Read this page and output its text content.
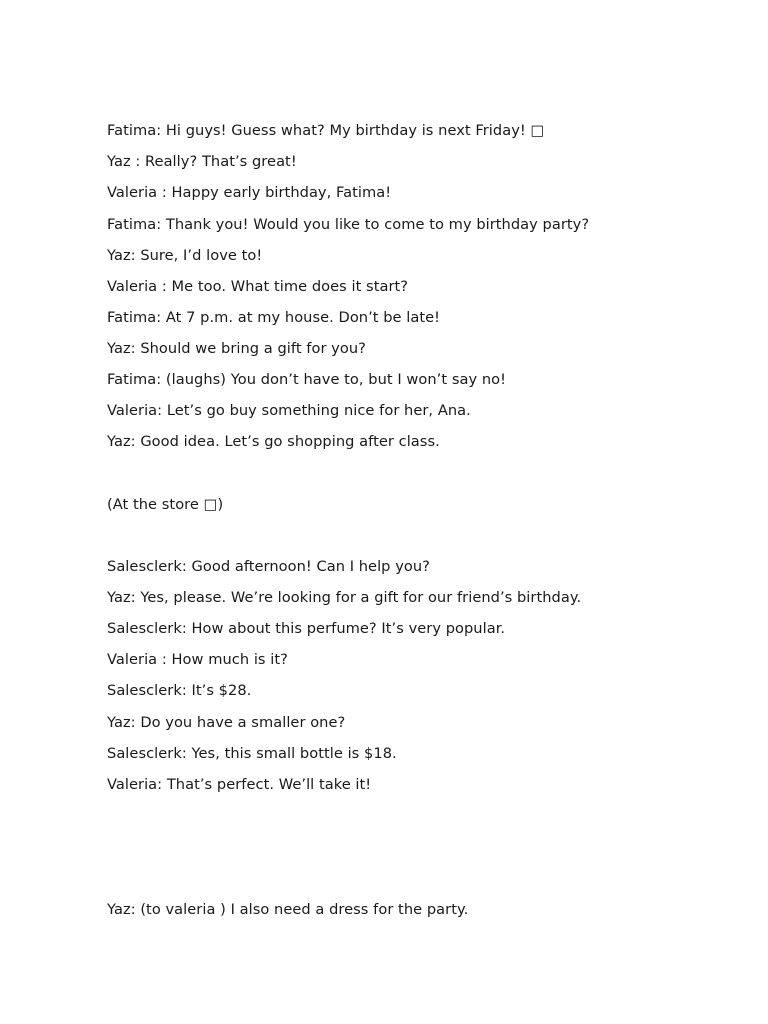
Fatima: Hi guys! Guess what? My birthday is next Friday! □
Yaz : Really? That’s great!
Valeria : Happy early birthday, Fatima!
Fatima: Thank you! Would you like to come to my birthday party?
Yaz: Sure, I’d love to!
Valeria : Me too. What time does it start?
Fatima: At 7 p.m. at my house. Don’t be late!
Yaz: Should we bring a gift for you?
Fatima: (laughs) You don’t have to, but I won’t say no!
Valeria: Let’s go buy something nice for her, Ana.
Yaz: Good idea. Let’s go shopping after class.
(At the store □)
Salesclerk: Good afternoon! Can I help you?
Yaz: Yes, please. We’re looking for a gift for our friend’s birthday.
Salesclerk: How about this perfume? It’s very popular.
Valeria : How much is it?
Salesclerk: It’s $28.
Yaz: Do you have a smaller one?
Salesclerk: Yes, this small bottle is $18.
Valeria: That’s perfect. We’ll take it!
Yaz: (to valeria ) I also need a dress for the party.
